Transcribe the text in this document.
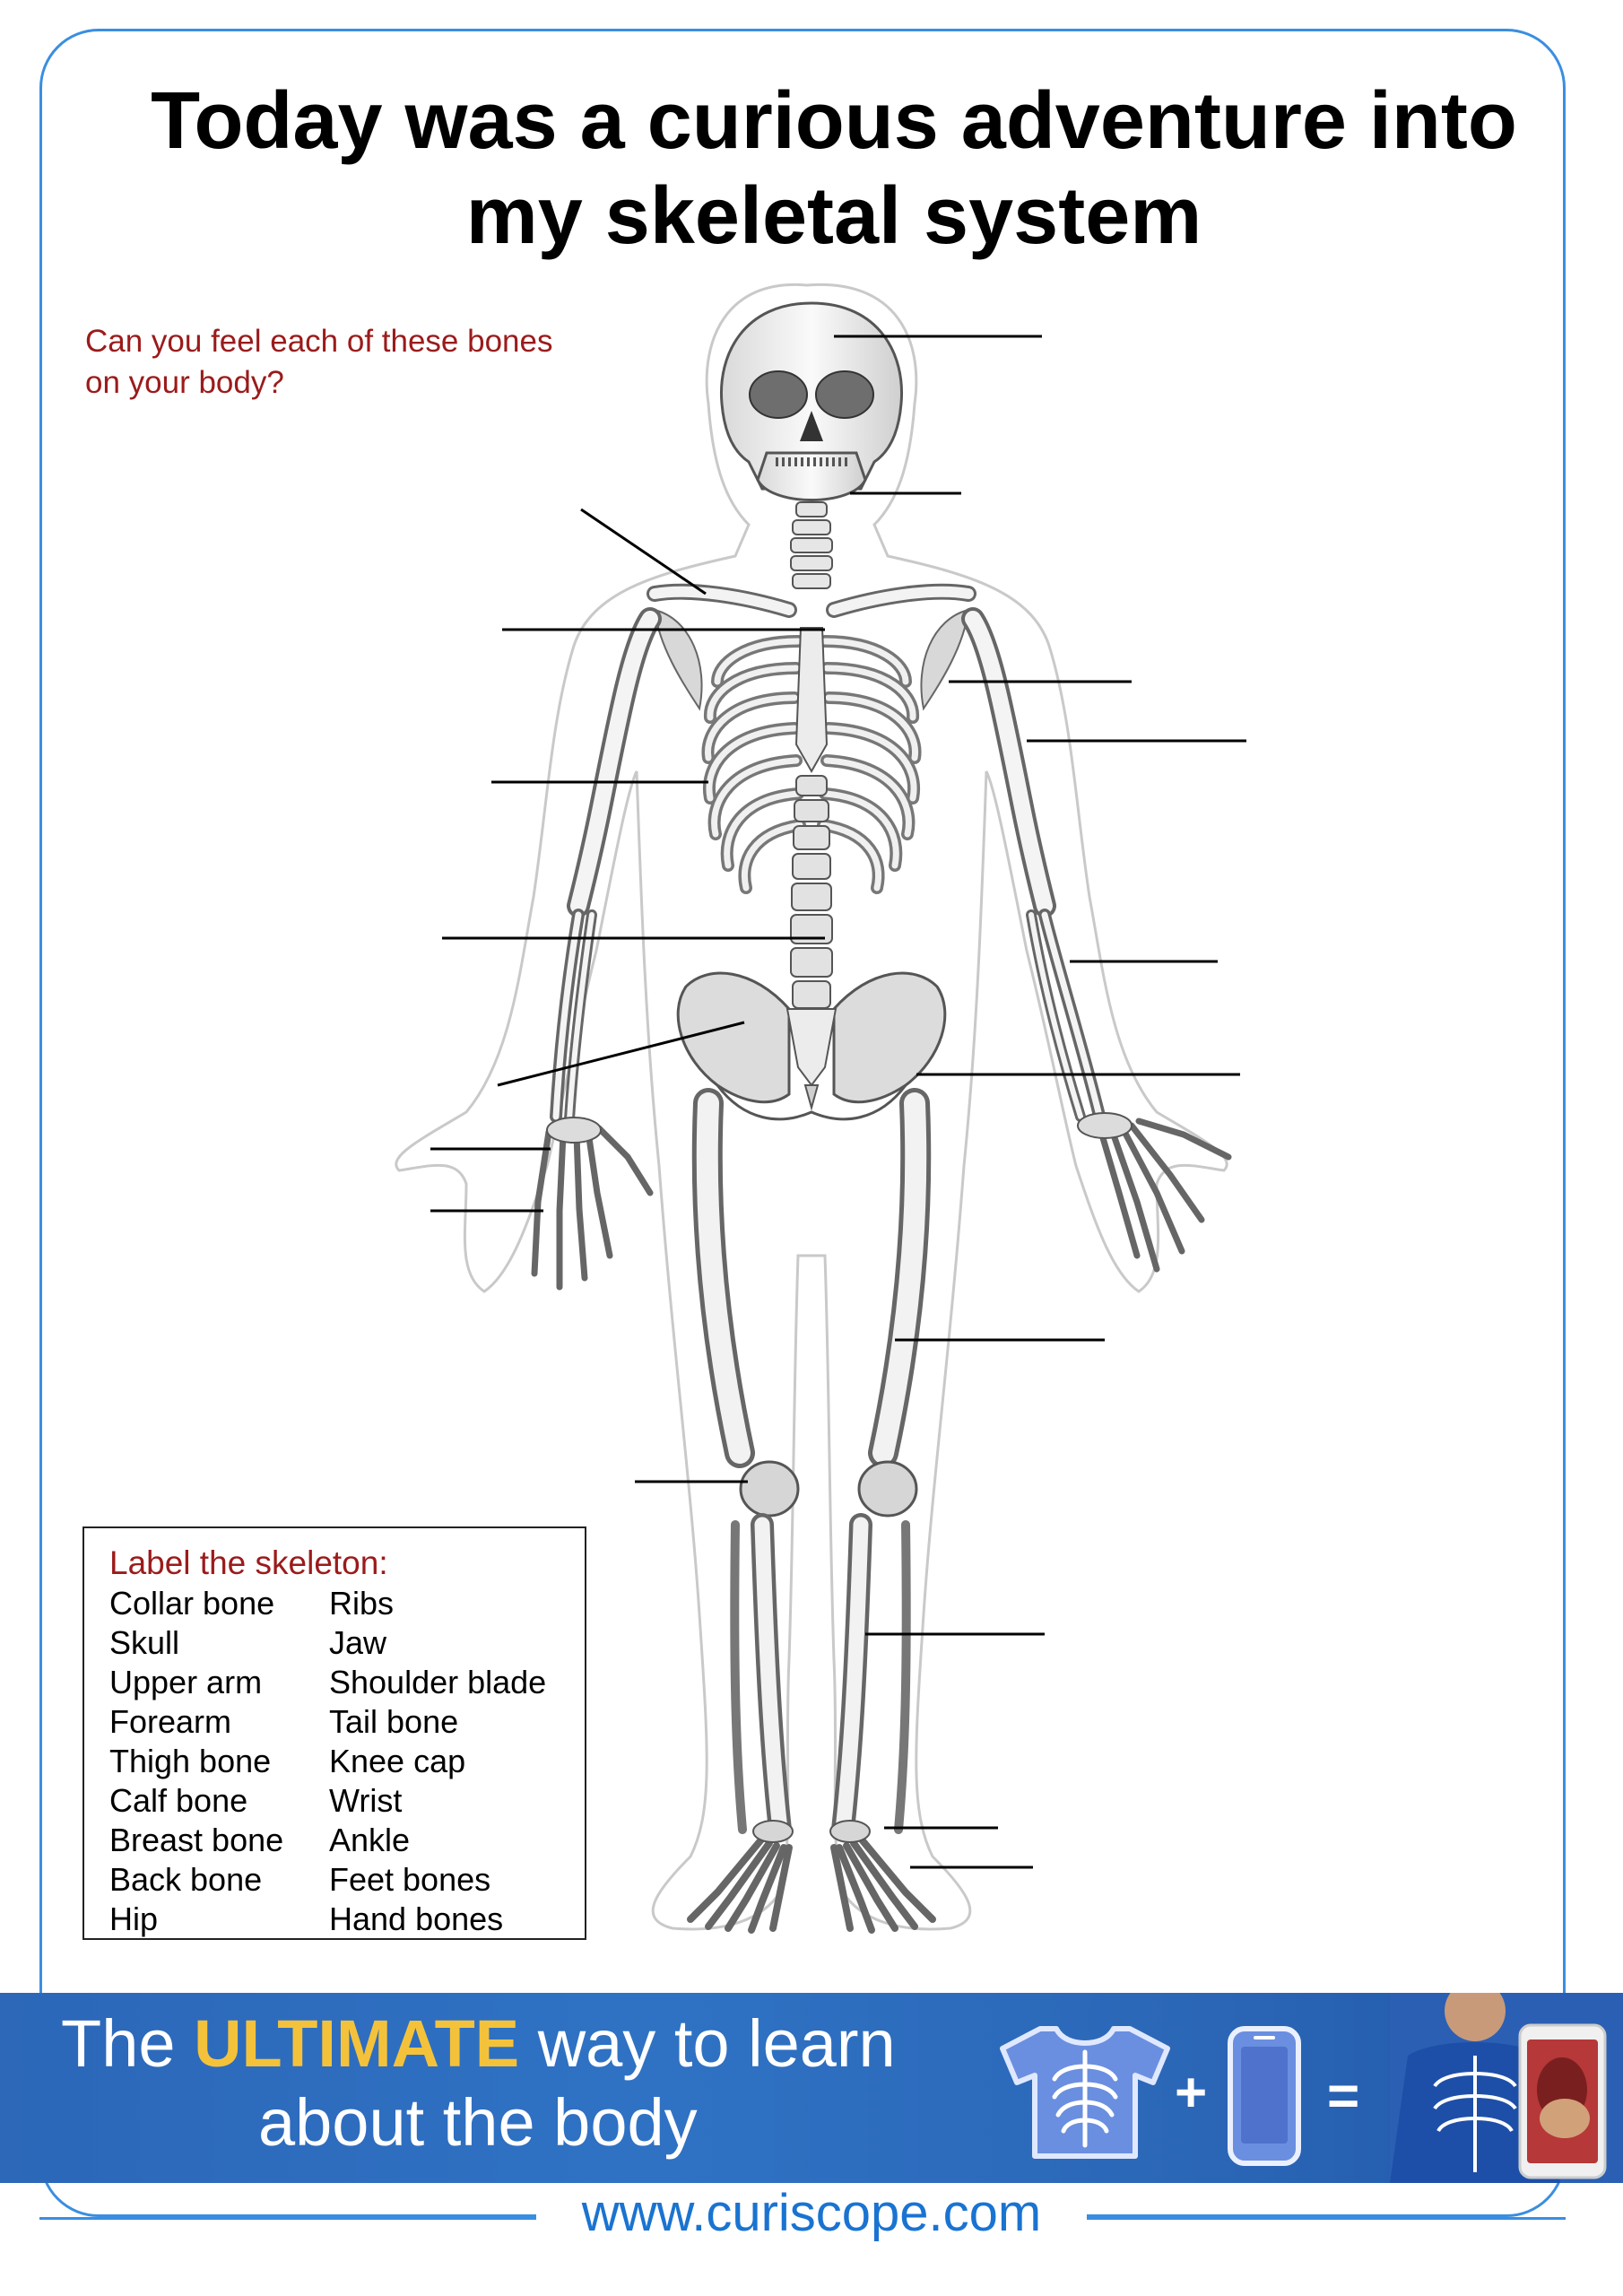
Today was a curious adventure into
my skeletal system
Can you feel each of these bones
on your body?
Label the skeleton:
Collar bone
Skull
Upper arm
Forearm
Thigh bone
Calf bone
Breast bone
Back bone
Hip
Ribs
Jaw
Shoulder blade
Tail bone
Knee cap
Wrist
Ankle
Feet bones
Hand bones
The ULTIMATE way to learn
about the body	+ =
www.curiscope.com
